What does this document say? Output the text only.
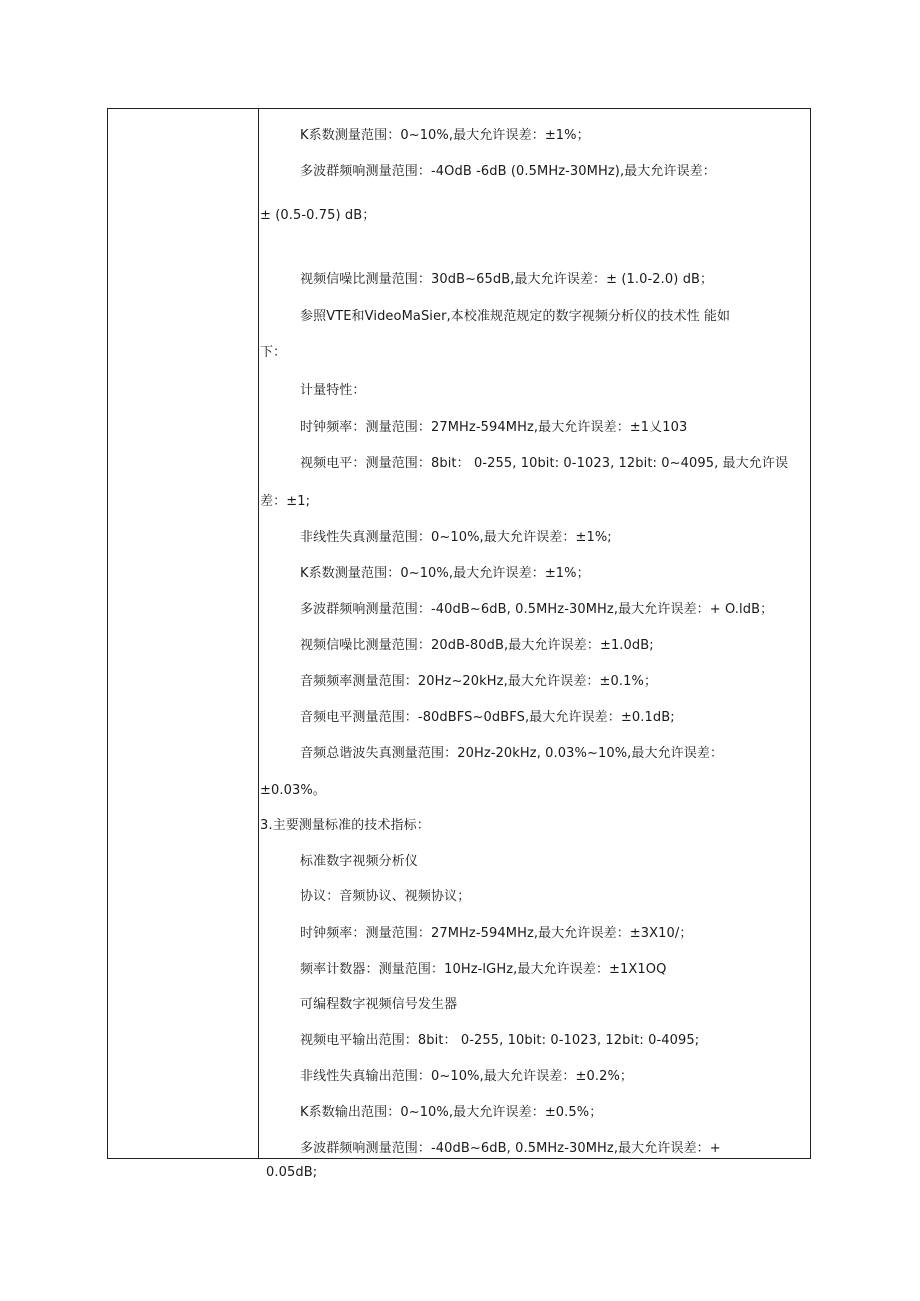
K系数测量范围：0~10%,最大允许误差：±1%；
多波群频响测量范围：-4OdB -6dB (0.5MHz-30MHz),最大允许误差：
± (0.5-0.75) dB；
视频信噪比测量范围：30dB~65dB,最大允许误差：± (1.0-2.0) dB；
参照VTE和VideoMaSier,本校准规范规定的数字视频分析仪的技术性 能如
下：
计量特性：
时钟频率：测量范围：27MHz-594MHz,最大允许误差：±1乂103
视频电平：测量范围：8bit： 0-255, 10bit: 0-1023, 12bit: 0~4095, 最大允许误
差：±1;
非线性失真测量范围：0~10%,最大允许误差：±1%;
K系数测量范围：0~10%,最大允许误差：±1%；
多波群频响测量范围：-40dB~6dB, 0.5MHz-30MHz,最大允许误差：+ O.ldB；
视频信噪比测量范围：20dB-80dB,最大允许误差：±1.0dB;
音频频率测量范围：20Hz~20kHz,最大允许误差：±0.1%；
音频电平测量范围：-80dBFS~0dBFS,最大允许误差：±0.1dB;
音频总谐波失真测量范围：20Hz-20kHz, 0.03%~10%,最大允许误差：
±0.03%。
3.主要测量标准的技术指标：
标准数字视频分析仪
协议：音频协议、视频协议；
时钟频率：测量范围：27MHz-594MHz,最大允许误差：±3X10/；
频率计数器：测量范围：10Hz-lGHz,最大允许误差：±1X1OQ
可编程数字视频信号发生器
视频电平输出范围：8bit： 0-255, 10bit: 0-1023, 12bit: 0-4095;
非线性失真输出范围：0~10%,最大允许误差：±0.2%；
K系数输出范围：0~10%,最大允许误差：±0.5%；
多波群频响测量范围：-40dB~6dB, 0.5MHz-30MHz,最大允许误差：+
0.05dB;
